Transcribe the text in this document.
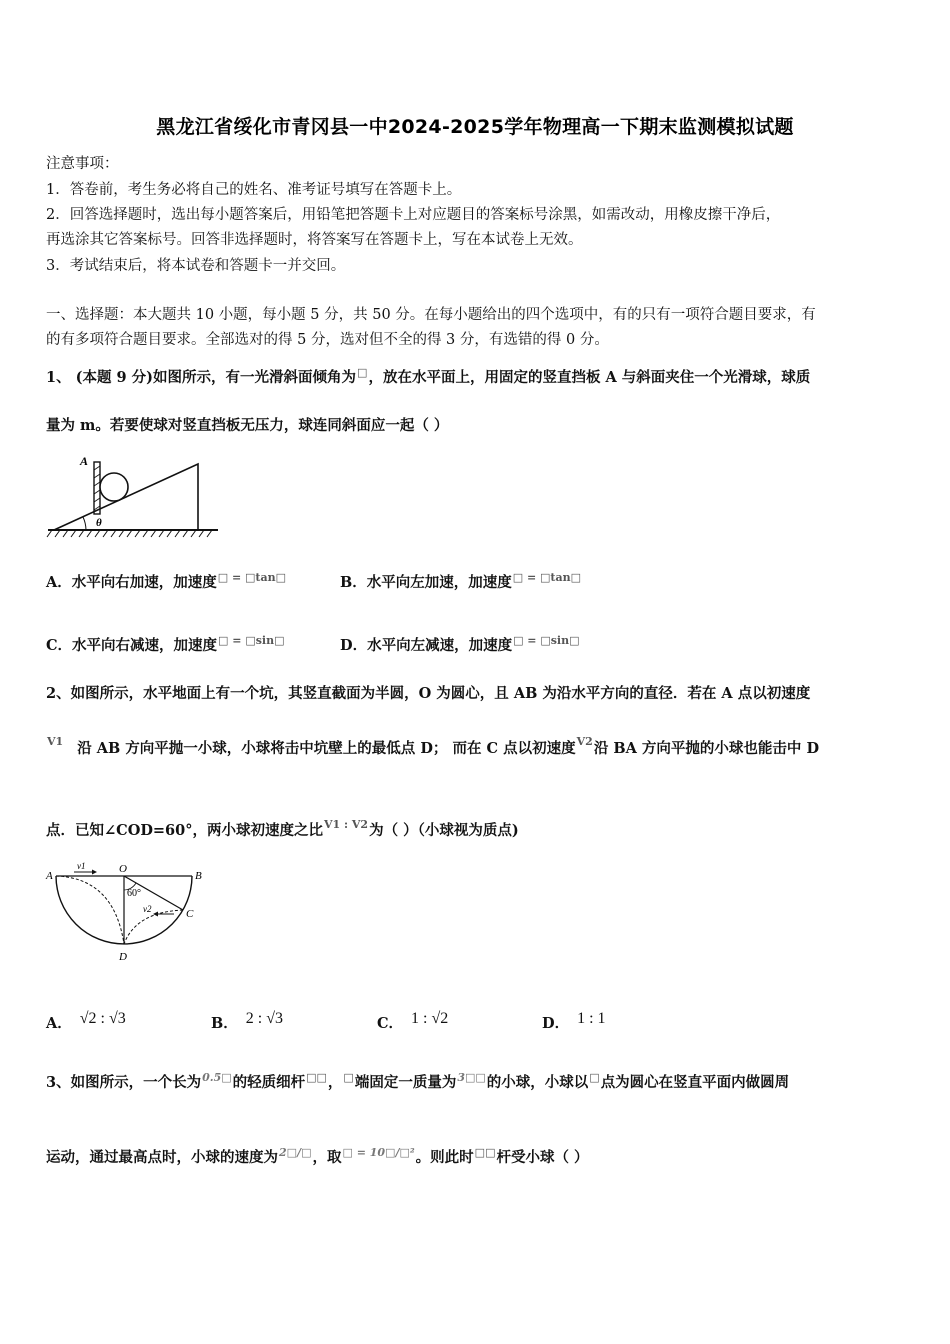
黑龙江省绥化市青冈县一中2024-2025学年物理高一下期末监测模拟试题
注意事项：
1．答卷前，考生务必将自己的姓名、准考证号填写在答题卡上。
2．回答选择题时，选出每小题答案后，用铅笔把答题卡上对应题目的答案标号涂黑，如需改动，用橡皮擦干净后，
再选涂其它答案标号。回答非选择题时，将答案写在答题卡上，写在本试卷上无效。
3．考试结束后，将本试卷和答题卡一并交回。
一、选择题：本大题共 10 小题，每小题 5 分，共 50 分。在每小题给出的四个选项中，有的只有一项符合题目要求，有
的有多项符合题目要求。全部选对的得 5 分，选对但不全的得 3 分，有选错的得 0 分。
1、 (本题 9 分)如图所示，有一光滑斜面倾角为□，放在水平面上，用固定的竖直挡板 A 与斜面夹住一个光滑球，球质
量为 m。若要使球对竖直挡板无压力，球连同斜面应一起（ ）
θ
A
A．水平向右加速，加速度$^{□ = □tan□}$	B．水平向左加速，加速度$^{□ = □tan□}$
C．水平向右减速，加速度$^{□ = □sin□}$	D．水平向左减速，加速度$^{□ = □sin□}$
2、如图所示，水平地面上有一个坑，其竖直截面为半圆，O 为圆心，且 AB 为沿水平方向的直径．若在 A 点以初速度
$^{V1}$ 沿 AB 方向平抛一小球，小球将击中坑壁上的最低点 D； 而在 C 点以初速度$^{V2}$沿 BA 方向平抛的小球也能击中 D
点．已知∠COD=60°，两小球初速度之比$^{V1 : V2}$为（ ）（小球视为质点)
A	B
O
C
D
60°
v1
v2
A． √2 : √3	B． 2 : √3	C． 1 : √2	D． 1 : 1
3、如图所示，一个长为$^{0.5□}$的轻质细杆□□，□端固定一质量为$^{3□□}$的小球，小球以□点为圆心在竖直平面内做圆周
运动，通过最高点时，小球的速度为$^{2□/□}$，取$^{□ = 10□/□^2}$。则此时□□杆受小球（ ）
